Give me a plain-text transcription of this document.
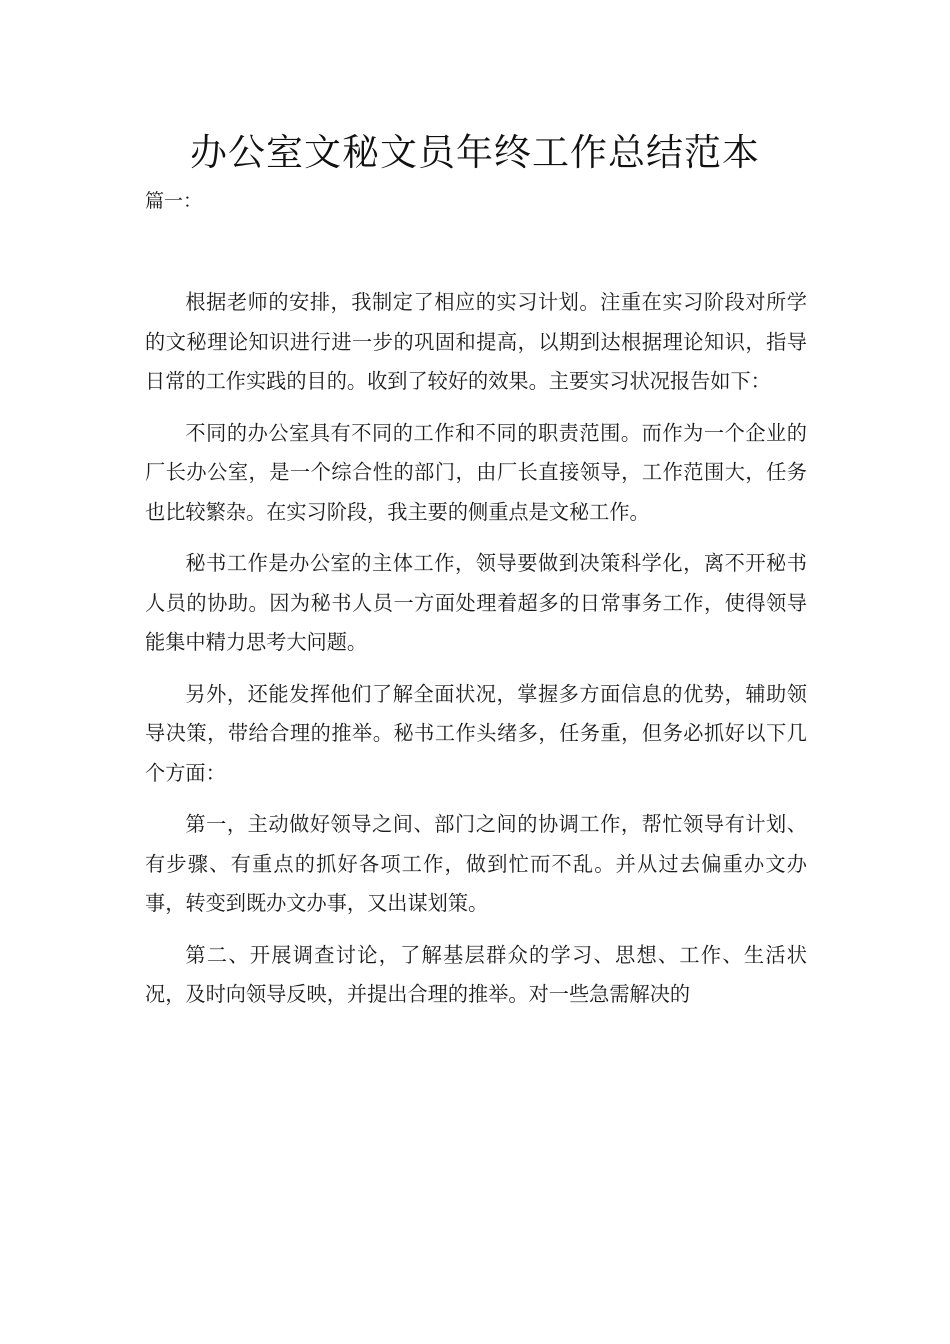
办公室文秘文员年终工作总结范本

篇一：

根据老师的安排，我制定了相应的实习计划。注重在实习阶段对所学的文秘理论知识进行进一步的巩固和提高，以期到达根据理论知识，指导日常的工作实践的目的。收到了较好的效果。主要实习状况报告如下：

不同的办公室具有不同的工作和不同的职责范围。而作为一个企业的厂长办公室，是一个综合性的部门，由厂长直接领导，工作范围大，任务也比较繁杂。在实习阶段，我主要的侧重点是文秘工作。

秘书工作是办公室的主体工作，领导要做到决策科学化，离不开秘书人员的协助。因为秘书人员一方面处理着超多的日常事务工作，使得领导能集中精力思考大问题。

另外，还能发挥他们了解全面状况，掌握多方面信息的优势，辅助领导决策，带给合理的推举。秘书工作头绪多，任务重，但务必抓好以下几个方面：

第一，主动做好领导之间、部门之间的协调工作，帮忙领导有计划、有步骤、有重点的抓好各项工作，做到忙而不乱。并从过去偏重办文办事，转变到既办文办事，又出谋划策。

第二、开展调查讨论，了解基层群众的学习、思想、工作、生活状况，及时向领导反映，并提出合理的推举。对一些急需解决的
